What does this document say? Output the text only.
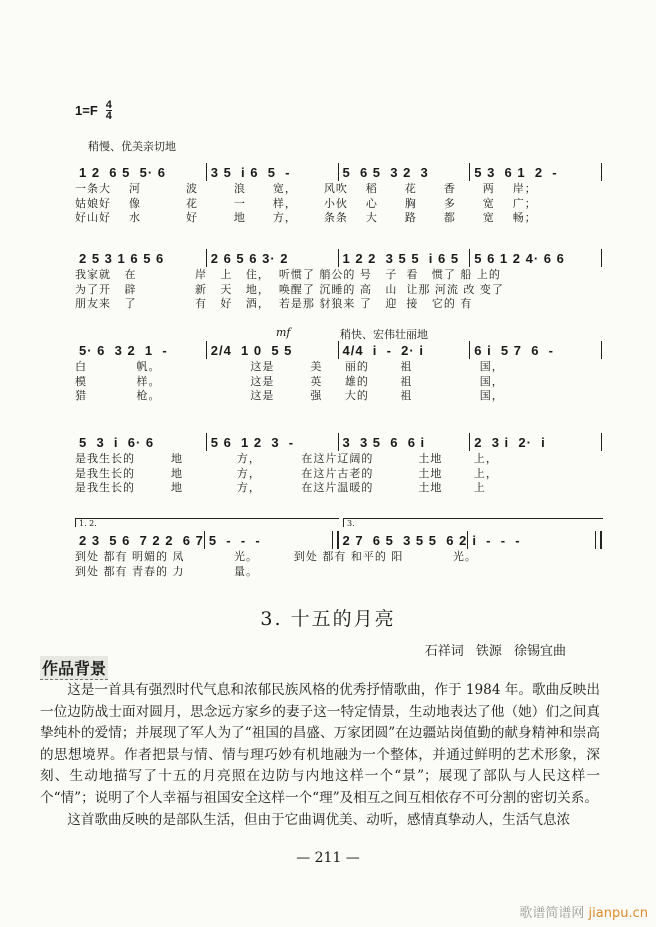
$1=F \frac{4}{4}$
稍慢、优美亲切地
mf	稍快、宏伟壮丽地
1 2  6 5  5· 6	3 5  i 6  5  -	5  6 5  3 2  3	5 3  6 1  2  -
一条大    河          波        浪      宽，      风吹    稻      花      香      两    岸；
姑娘好    像          花        一      样，      小伙    心      胸      多      宽    广；
好山好    水          好        地      方，      条条    大      路      都      宽    畅；
2 5 3 1 6 5 6	2 6 5 6 3· 2	1 2 2  3 5 5  i 6 5	5 6 1 2 4· 6 6
我家就   在             岸   上   住，  听惯了 艄公的 号   子  看   惯了 船 上的
为了开   辟             新   天   地，  唤醒了 沉睡的 高   山  让那 河流 改 变了
朋友来   了             有   好   酒，  若是那 豺狼来 了   迎  接   它的 有
5· 6  3 2  1  -	2/4  1 0  5 5	4/4  i  -  2· i	6 i  5 7  6  -
白           帆。                    这是        美     丽的       祖               国，
模           样。                    这是        英     雄的       祖               国，
猎           枪。                    这是        强     大的       祖               国，
5  3  i  6· 6	5 6  1 2  3  -	3  3 5  6  6 i	2  3 i  2·  i
是我生长的        地            方，         在这片辽阔的          土地       上，
是我生长的        地            方，         在这片古老的          土地       上，
是我生长的        地            方，         在这片温暖的          土地       上
2 3  5 6  7 2 2  6 7 5  -  -  -	2 7  6 5  3 5 5  6 2 i  -  -  -
1. 2.	3.
到处 都有 明媚的 凤           光。        到处 都有 和平的 阳           光。
到处 都有 青春的 力           量。
3. 十五的月亮
石祥词 铁源 徐锡宜曲
作品背景

这是一首具有强烈时代气息和浓郁民族风格的优秀抒情歌曲，作于 1984 年。歌曲反映出一位边防战士面对圆月，思念远方家乡的妻子这一特定情景，生动地表达了他（她）们之间真挚纯朴的爱情；并展现了军人为了“祖国的昌盛、万家团圆”在边疆站岗值勤的献身精神和崇高的思想境界。作者把景与情、情与理巧妙有机地融为一个整体，并通过鲜明的艺术形象，深刻、生动地描写了十五的月亮照在边防与内地这样一个“景”；展现了部队与人民这样一个“情”；说明了个人幸福与祖国安全这样一个“理”及相互之间互相依存不可分割的密切关系。

这首歌曲反映的是部队生活，但由于它曲调优美、动听，感情真挚动人，生活气息浓

— 211 —
歌谱简谱网 jianpu.cn
